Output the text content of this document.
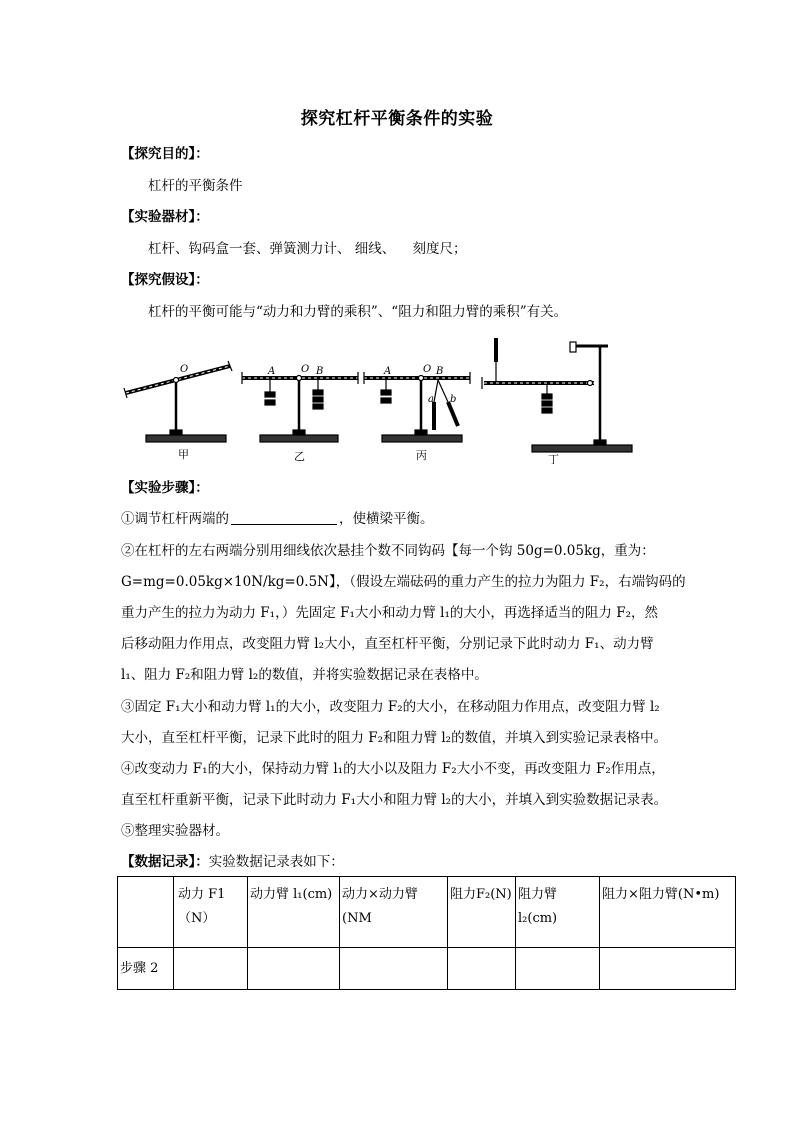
探究杠杆平衡条件的实验
【探究目的】：
杠杆的平衡条件
【实验器材】：
杠杆、钩码盒一套、弹簧测力计、 细线、    刻度尺；
【探究假设】：
杠杆的平衡可能与“动力和力臂的乘积”、“阻力和阻力臂的乘积”有关。
O	A	O B	A	O B
a b
甲	乙	丙	丁
【实验步骤】：
①调节杠杆两端的	，使横梁平衡。
②在杠杆的左右两端分别用细线依次悬挂个数不同钩码【每一个钩 50g=0.05kg，重为：
G=mg=0.05kg×10N/kg=0.5N】，（假设左端砝码的重力产生的拉力为阻力 F₂，右端钩码的
重力产生的拉力为动力 F₁，）先固定 F₁大小和动力臂 l₁的大小，再选择适当的阻力 F₂，然
后移动阻力作用点，改变阻力臂 l₂大小，直至杠杆平衡，分别记录下此时动力 F₁、动力臂
l₁、阻力 F₂和阻力臂 l₂的数值，并将实验数据记录在表格中。
③固定 F₁大小和动力臂 l₁的大小，改变阻力 F₂的大小，在移动阻力作用点，改变阻力臂 l₂
大小，直至杠杆平衡，记录下此时的阻力 F₂和阻力臂 l₂的数值，并填入到实验记录表格中。
④改变动力 F₁的大小，保持动力臂 l₁的大小以及阻力 F₂大小不变，再改变阻力 F₂作用点，
直至杠杆重新平衡，记录下此时动力 F₁大小和阻力臂 l₂的大小，并填入到实验数据记录表。
⑤整理实验器材。
【数据记录】：实验数据记录表如下：
	动力 F1（N）	动力臂 l₁(cm)	动力×动力臂(NM	阻力F₂(N)	阻力臂 l₂(cm)	阻力×阻力臂(N•m)
步骤 2						
